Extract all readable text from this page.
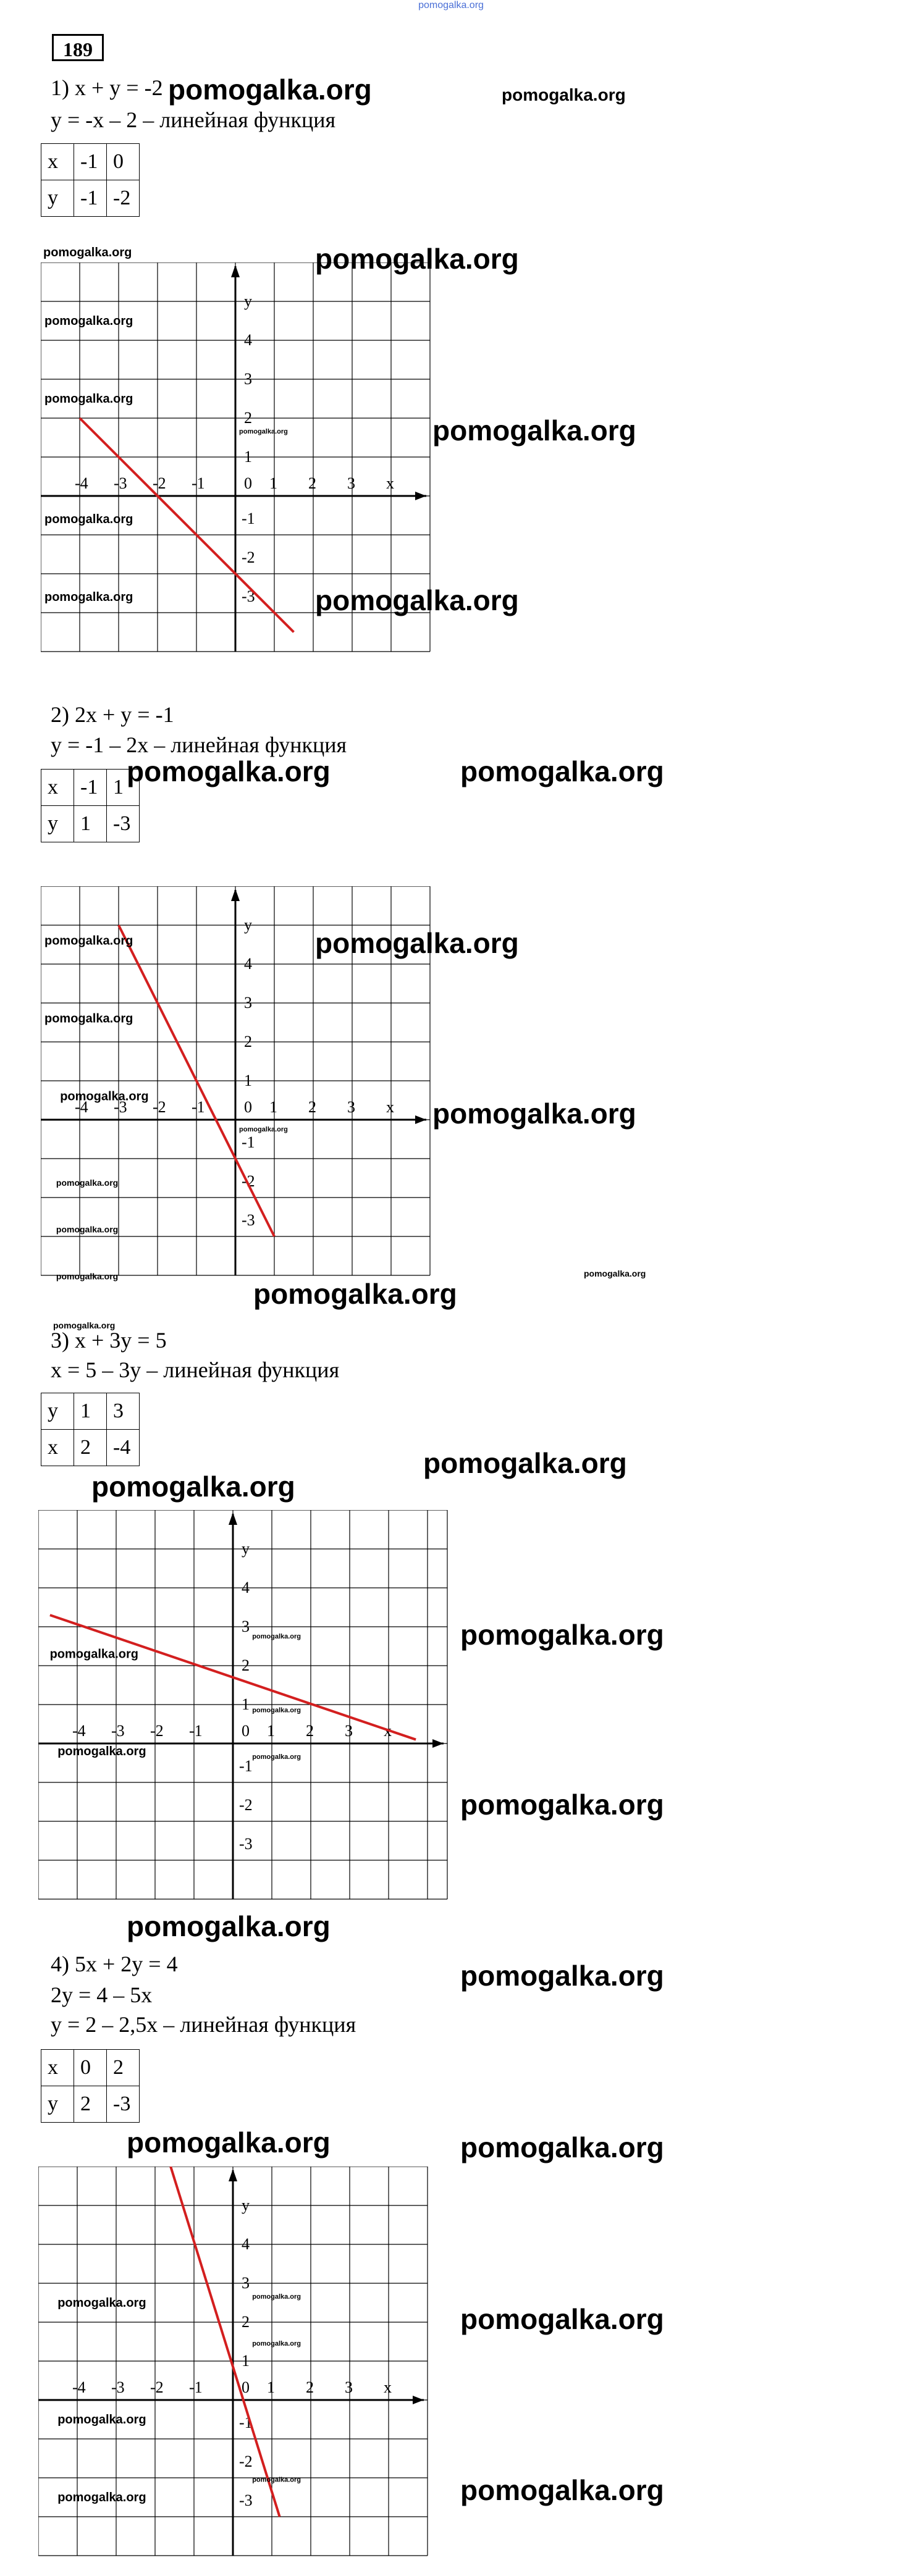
pomogalka.org
189
1) x + y = -2
y = -x – 2 – линейная функция
x	-1	0
y	-1	-2
-4 -3 -2 -1	1 2 3
0	x
y
4
3
2
1
-1
-2
-3
pomogalka.org
pomogalka.org
pomogalka.org
pomogalka.org
pomogalka.org
2) 2x + y = -1
y = -1 – 2x – линейная функция
x	-1	1
y	1	-3
-4 -3 -2 -1	1 2 3
0	x
y
4
3
2
1
-1
-2
-3
pomogalka.org
pomogalka.org
pomogalka.org
pomogalka.org
pomogalka.org
pomogalka.org
pomogalka.org
3) x + 3y = 5
x = 5 – 3y – линейная функция
y	1	3
x	2	-4
-4 -3 -2 -1	1 2 3
0	x
y
4
3
2
1
-1
-2
-3
pomogalka.org
pomogalka.org
pomogalka.org
pomogalka.org
pomogalka.org
4) 5x + 2y = 4
2y = 4 – 5x
y = 2 – 2,5x – линейная функция
x	0	2
y	2	-3
-4 -3 -2 -1	1 2 3
0	x
y
4
3
2
1
-1
-2
-3
pomogalka.org
pomogalka.org
pomogalka.org
pomogalka.org
pomogalka.org
pomogalka.org
pomogalka.org	pomogalka.org
pomogalka.org	pomogalka.org
pomogalka.org
pomogalka.org
pomogalka.org	pomogalka.org
pomogalka.org
pomogalka.org
pomogalka.org
pomogalka.org
pomogalka.org
pomogalka.org
pomogalka.org
pomogalka.org
pomogalka.org
pomogalka.org
pomogalka.org
pomogalka.org	pomogalka.org
pomogalka.org
pomogalka.org
